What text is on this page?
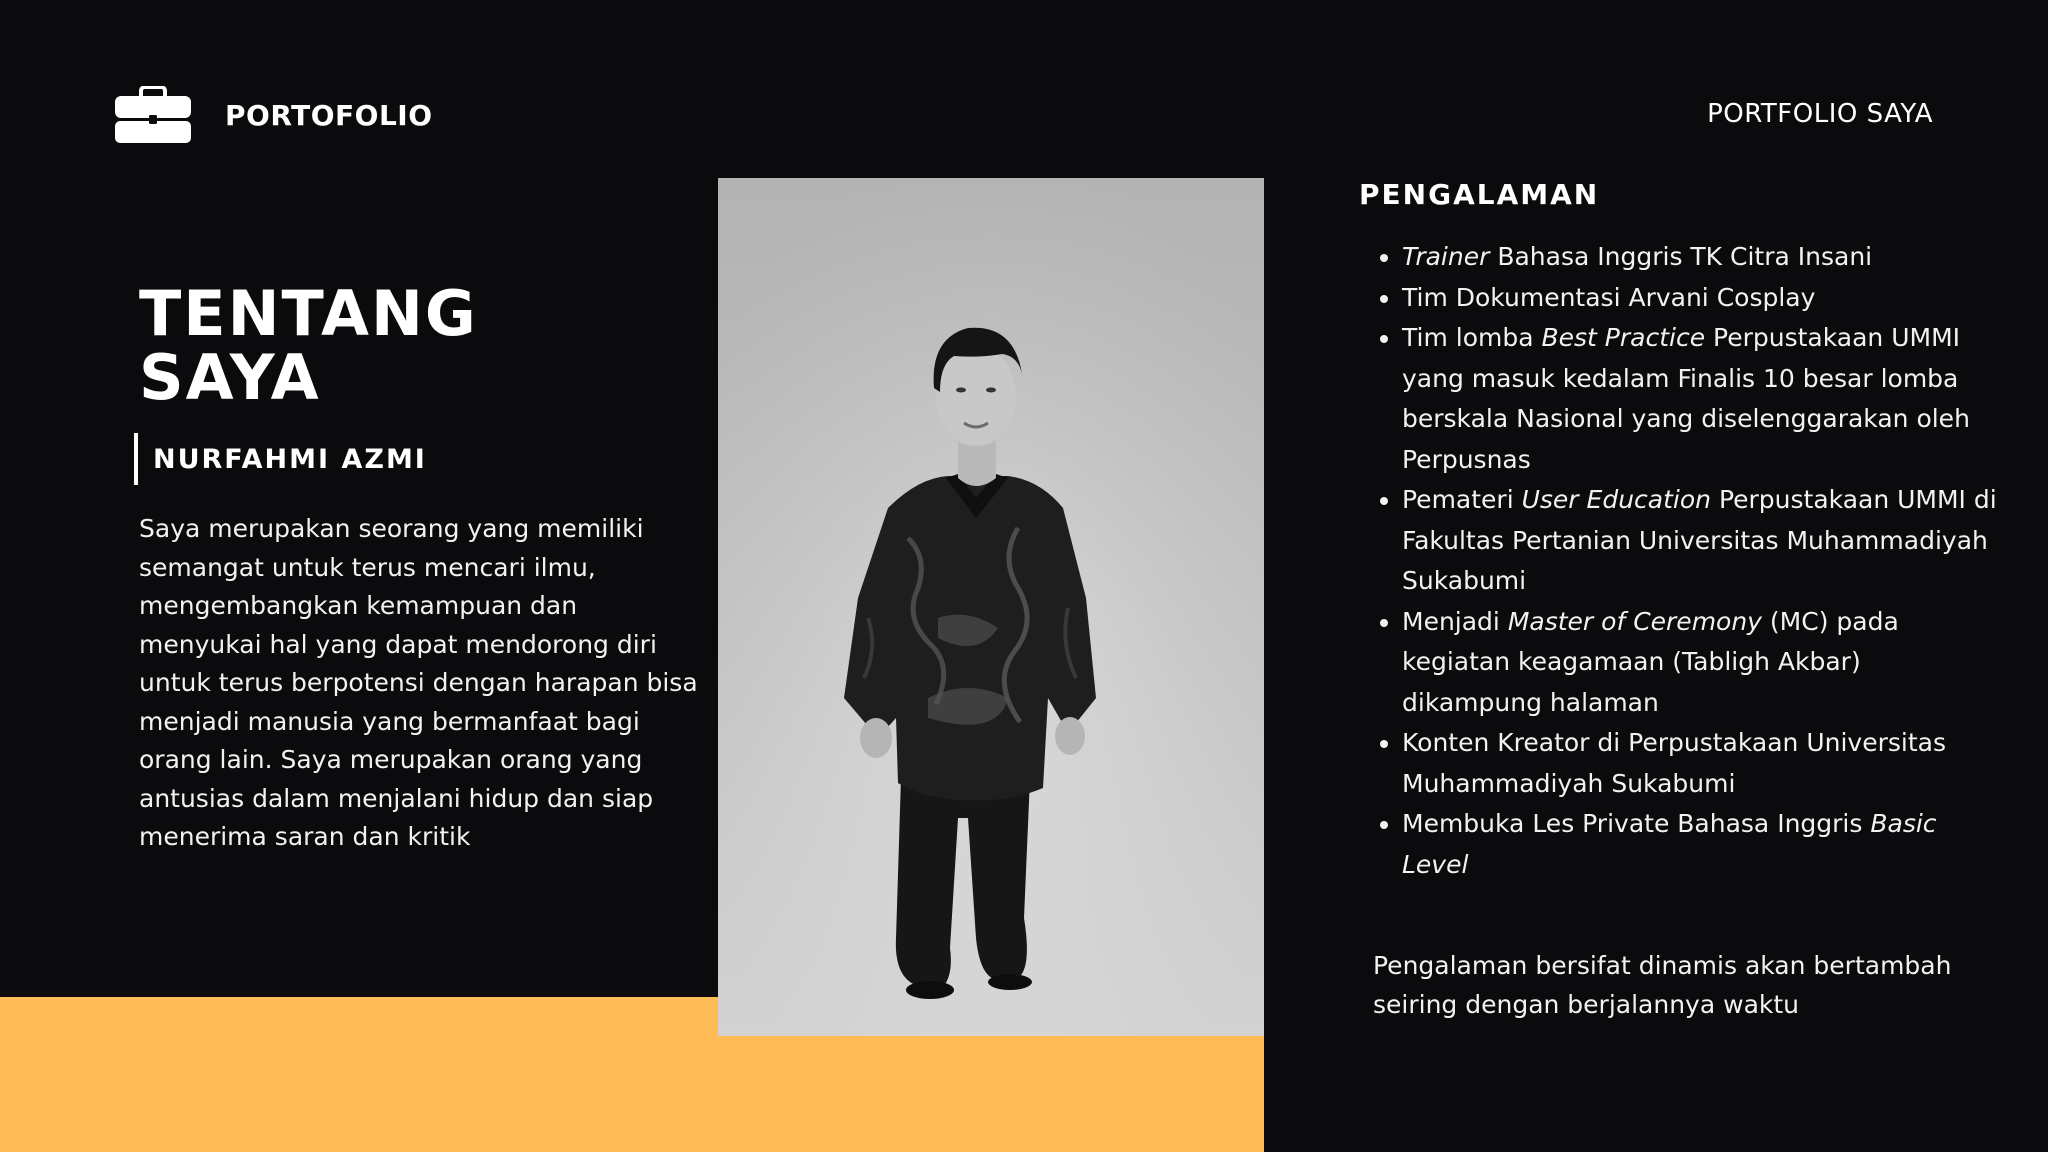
PORTOFOLIO	PORTFOLIO SAYA
TENTANG
SAYA
NURFAHMI AZMI

Saya merupakan seorang yang memiliki semangat untuk terus mencari ilmu, mengembangkan kemampuan dan menyukai hal yang dapat mendorong diri untuk terus berpotensi dengan harapan bisa menjadi manusia yang bermanfaat bagi orang lain. Saya merupakan orang yang antusias dalam menjalani hidup dan siap menerima saran dan kritik

PENGALAMAN
• Trainer Bahasa Inggris TK Citra Insani
• Tim Dokumentasi Arvani Cosplay
• Tim lomba Best Practice Perpustakaan UMMI yang masuk kedalam Finalis 10 besar lomba berskala Nasional yang diselenggarakan oleh Perpusnas
• Pemateri User Education Perpustakaan UMMI di Fakultas Pertanian Universitas Muhammadiyah Sukabumi
• Menjadi Master of Ceremony (MC) pada kegiatan keagamaan (Tabligh Akbar) dikampung halaman
• Konten Kreator di Perpustakaan Universitas Muhammadiyah Sukabumi
• Membuka Les Private Bahasa Inggris Basic Level

Pengalaman bersifat dinamis akan bertambah seiring dengan berjalannya waktu
